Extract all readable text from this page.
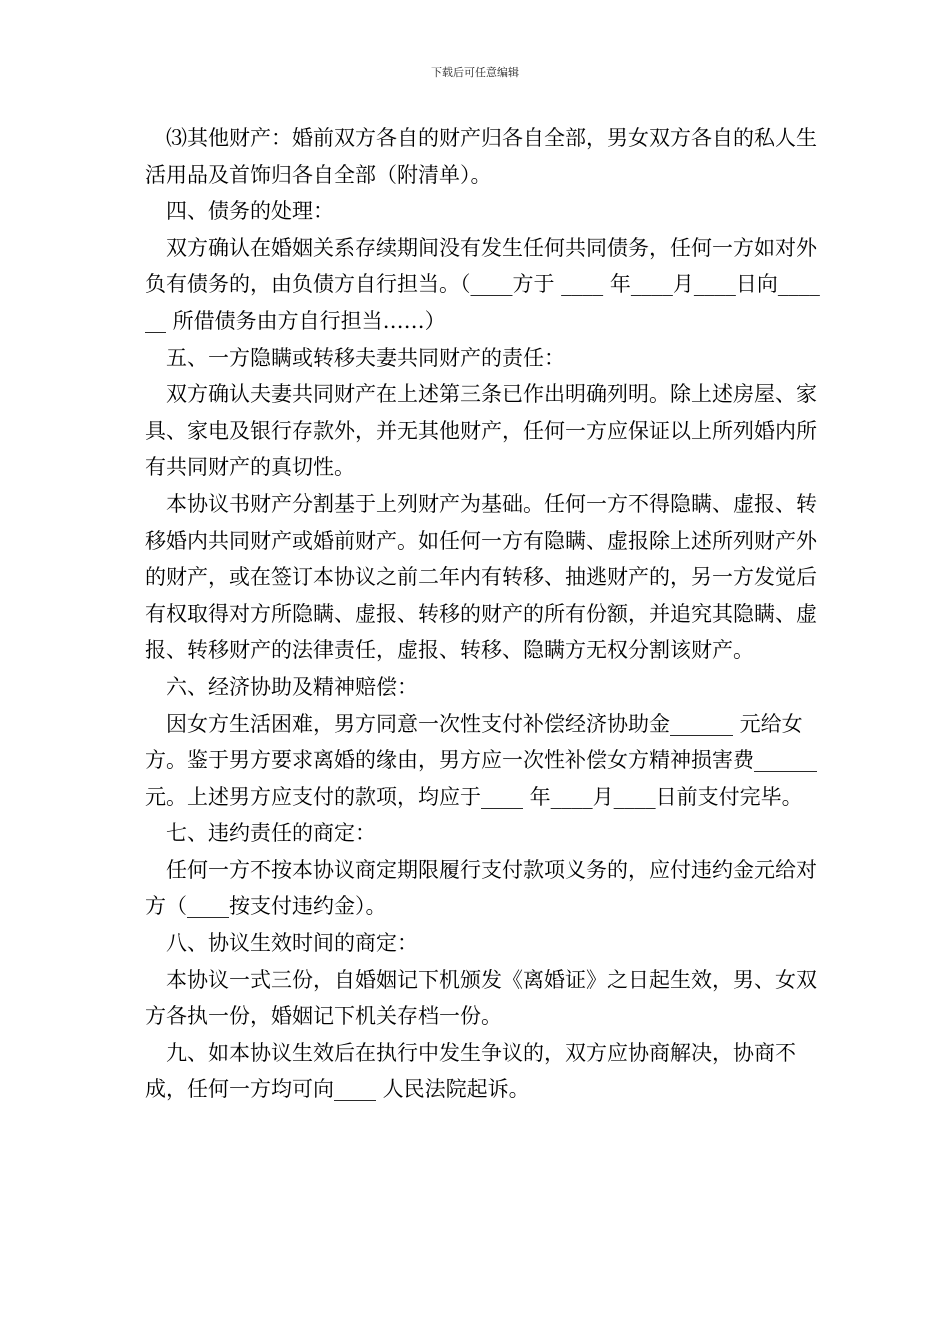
下载后可任意编辑

⑶其他财产：婚前双方各自的财产归各自全部，男女双方各自的私人生活用品及首饰归各自全部（附清单）。

四、债务的处理：

双方确认在婚姻关系存续期间没有发生任何共同债务，任何一方如对外负有债务的，由负债方自行担当。（____方于 ____ 年____月____日向______ 所借债务由方自行担当……）

五、一方隐瞒或转移夫妻共同财产的责任：

双方确认夫妻共同财产在上述第三条已作出明确列明。除上述房屋、家具、家电及银行存款外，并无其他财产，任何一方应保证以上所列婚内所有共同财产的真切性。

本协议书财产分割基于上列财产为基础。任何一方不得隐瞒、虚报、转移婚内共同财产或婚前财产。如任何一方有隐瞒、虚报除上述所列财产外的财产，或在签订本协议之前二年内有转移、抽逃财产的，另一方发觉后有权取得对方所隐瞒、虚报、转移的财产的所有份额，并追究其隐瞒、虚报、转移财产的法律责任，虚报、转移、隐瞒方无权分割该财产。

六、经济协助及精神赔偿：

因女方生活困难，男方同意一次性支付补偿经济协助金______ 元给女方。鉴于男方要求离婚的缘由，男方应一次性补偿女方精神损害费______ 元。上述男方应支付的款项，均应于____ 年____月____日前支付完毕。

七、违约责任的商定：

任何一方不按本协议商定期限履行支付款项义务的，应付违约金元给对方（____按支付违约金）。

八、协议生效时间的商定：

本协议一式三份，自婚姻记下机颁发《离婚证》之日起生效，男、女双方各执一份，婚姻记下机关存档一份。

九、如本协议生效后在执行中发生争议的，双方应协商解决，协商不成，任何一方均可向____ 人民法院起诉。
